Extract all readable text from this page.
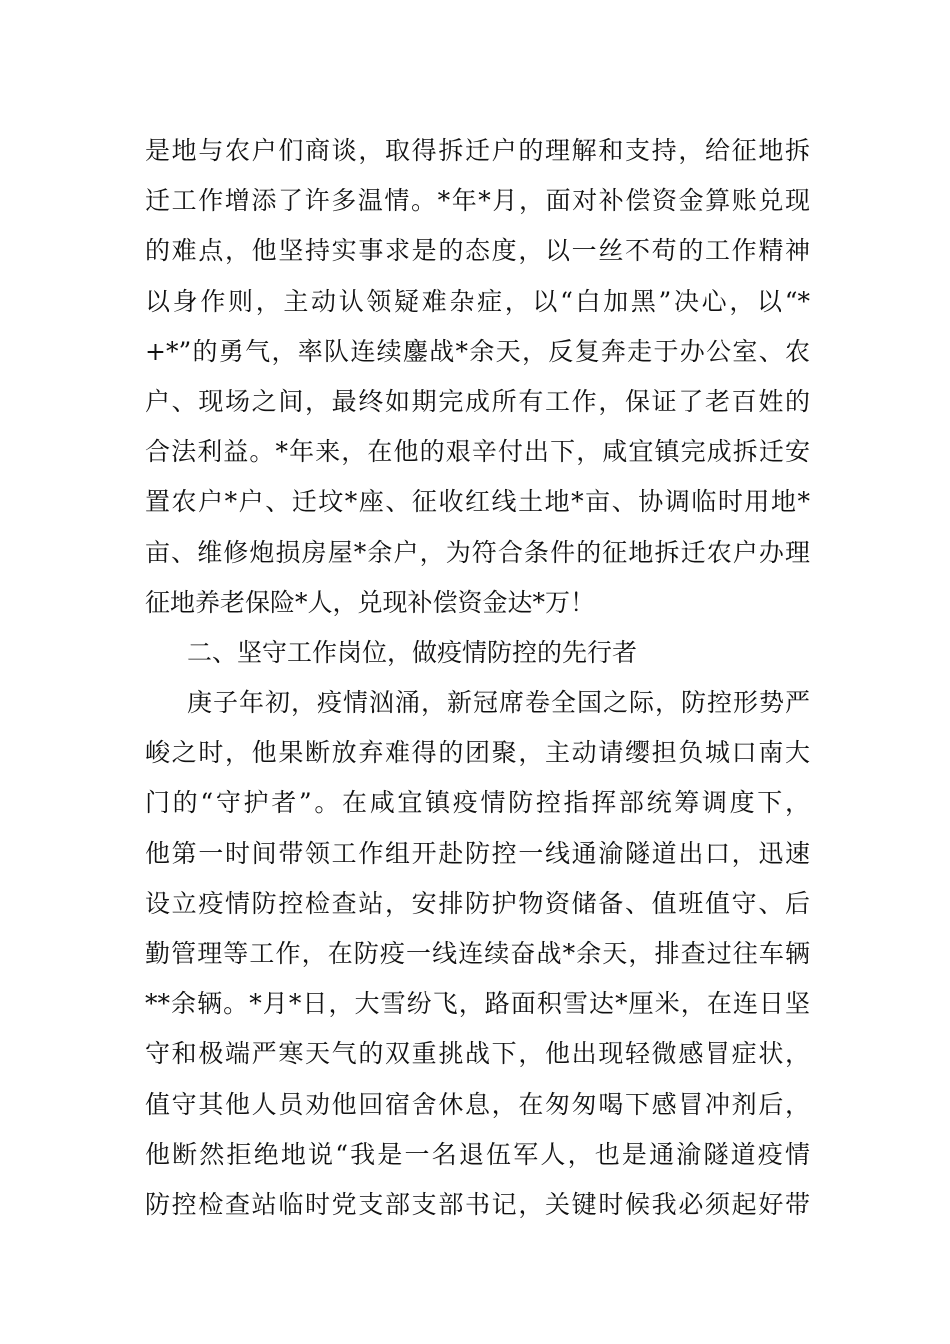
是地与农户们商谈，取得拆迁户的理解和支持，给征地拆
迁工作增添了许多温情。*年*月，面对补偿资金算账兑现
的难点，他坚持实事求是的态度，以一丝不苟的工作精神
以身作则，主动认领疑难杂症，以“白加黑”决心，以“*
+*”的勇气，率队连续鏖战*余天，反复奔走于办公室、农
户、现场之间，最终如期完成所有工作，保证了老百姓的
合法利益。*年来，在他的艰辛付出下，咸宜镇完成拆迁安
置农户*户、迁坟*座、征收红线土地*亩、协调临时用地*
亩、维修炮损房屋*余户，为符合条件的征地拆迁农户办理
征地养老保险*人，兑现补偿资金达*万！
二、坚守工作岗位，做疫情防控的先行者
庚子年初，疫情汹涌，新冠席卷全国之际，防控形势严
峻之时，他果断放弃难得的团聚，主动请缨担负城口南大
门的“守护者”。在咸宜镇疫情防控指挥部统筹调度下，
他第一时间带领工作组开赴防控一线通渝隧道出口，迅速
设立疫情防控检查站，安排防护物资储备、值班值守、后
勤管理等工作，在防疫一线连续奋战*余天，排查过往车辆
**余辆。*月*日，大雪纷飞，路面积雪达*厘米，在连日坚
守和极端严寒天气的双重挑战下，他出现轻微感冒症状，
值守其他人员劝他回宿舍休息，在匆匆喝下感冒冲剂后，
他断然拒绝地说“我是一名退伍军人，也是通渝隧道疫情
防控检查站临时党支部支部书记，关键时候我必须起好带
